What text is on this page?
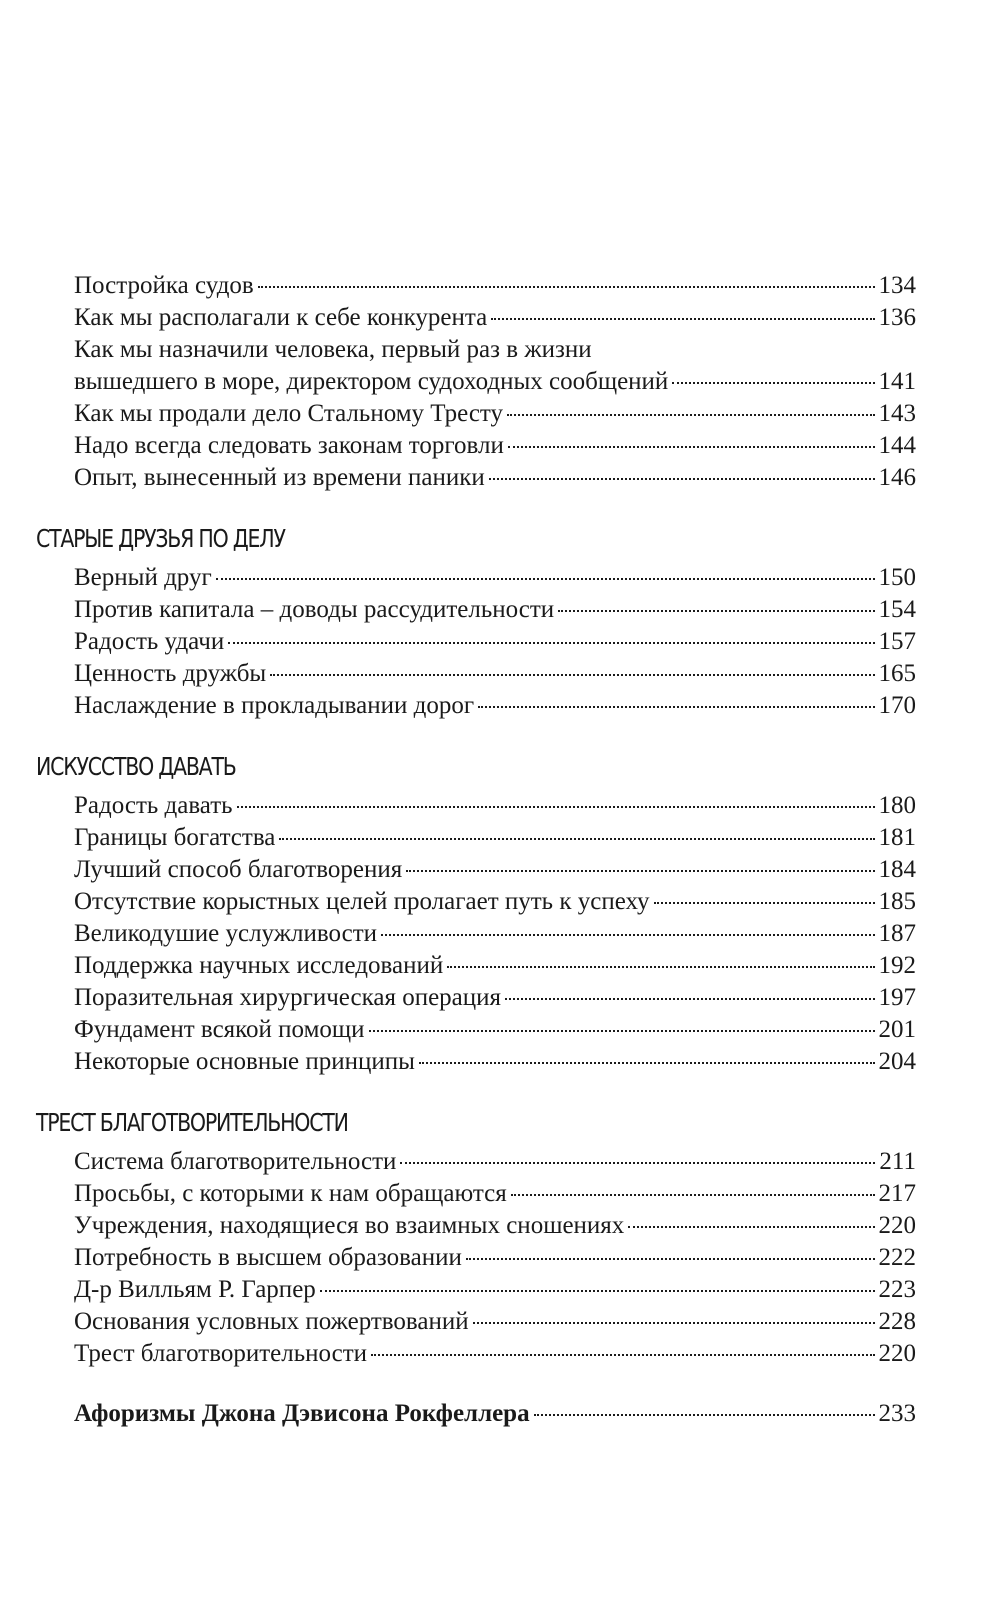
Постройка судов	134
Как мы располагали к себе конкурента	136
Как мы назначили человека, первый раз в жизни
вышедшего в море, директором судоходных сообщений	141
Как мы продали дело Стальному Тресту	143
Надо всегда следовать законам торговли	144
Опыт, вынесенный из времени паники	146
СТАРЫЕ ДРУЗЬЯ ПО ДЕЛУ
Верный друг	150
Против капитала – доводы рассудительности	154
Радость удачи	157
Ценность дружбы	165
Наслаждение в прокладывании дорог	170
ИСКУССТВО ДАВАТЬ
Радость давать	180
Границы богатства	181
Лучший способ благотворения	184
Отсутствие корыстных целей пролагает путь к успеху	185
Великодушие услужливости	187
Поддержка научных исследований	192
Поразительная хирургическая операция	197
Фундамент всякой помощи	201
Некоторые основные принципы	204
ТРЕСТ БЛАГОТВОРИТЕЛЬНОСТИ
Система благотворительности	211
Просьбы, с которыми к нам обращаются	217
Учреждения, находящиеся во взаимных сношениях	220
Потребность в высшем образовании	222
Д-р Вилльям Р. Гарпер	223
Основания условных пожертвований	228
Трест благотворительности	220
Афоризмы Джона Дэвисона Рокфеллера	233
